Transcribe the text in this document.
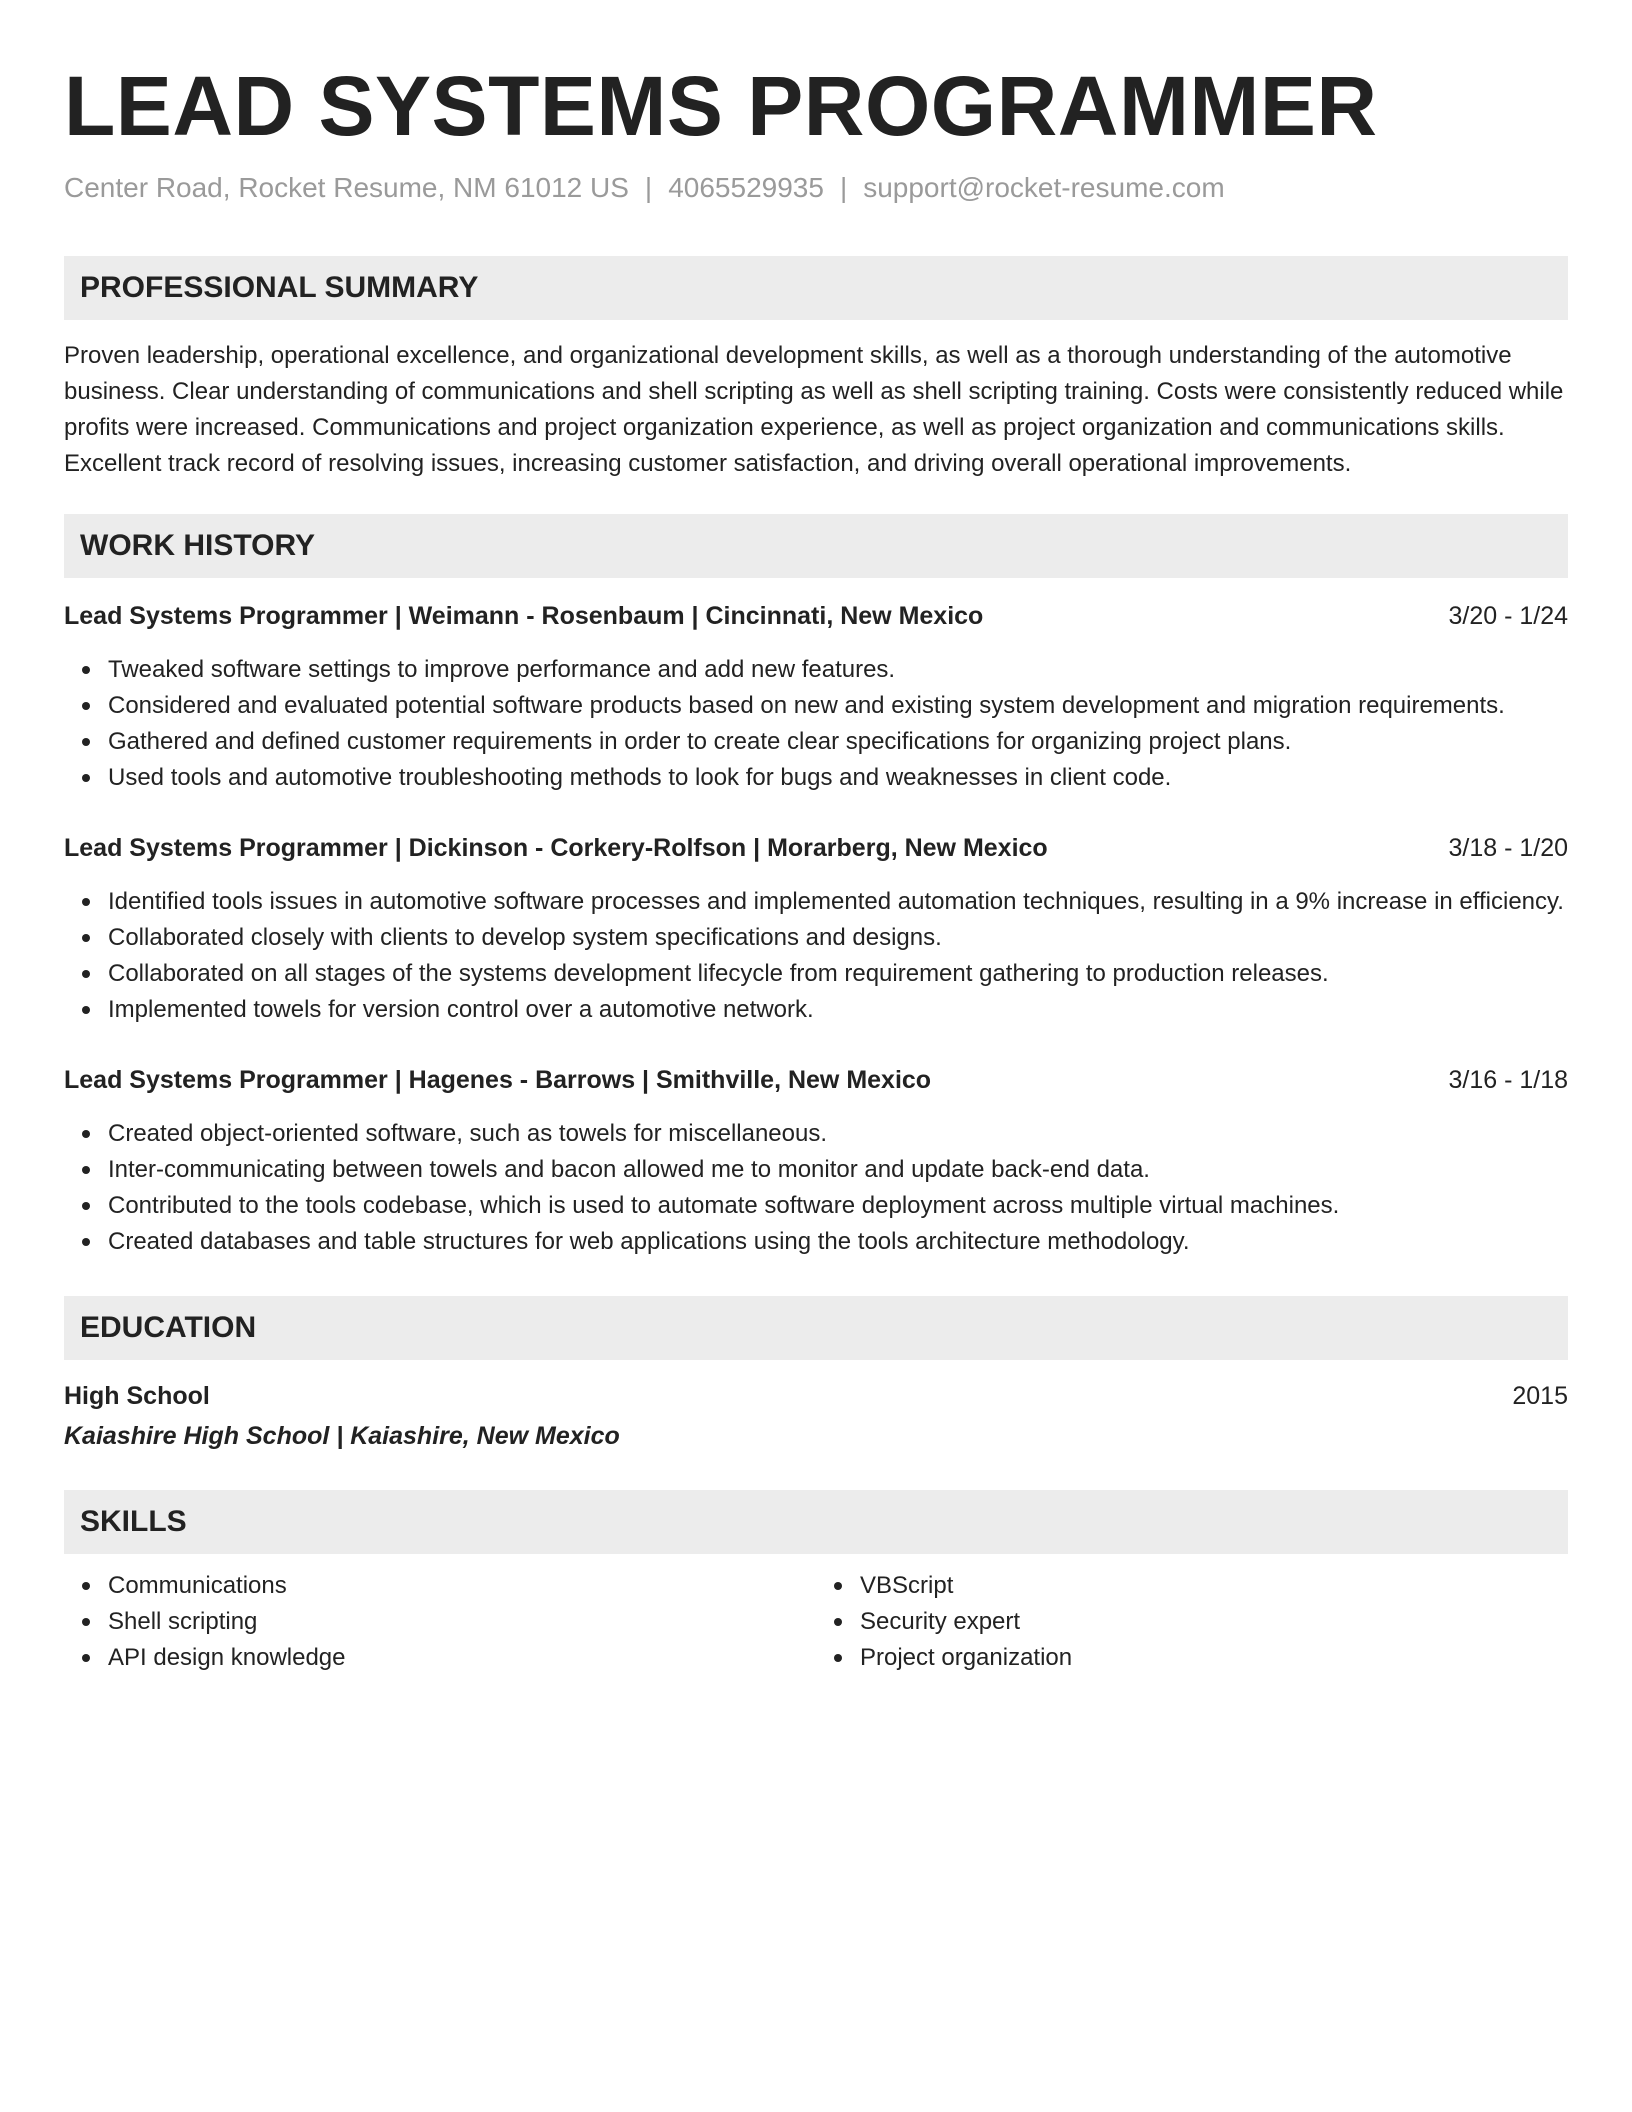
LEAD SYSTEMS PROGRAMMER
Center Road, Rocket Resume, NM 61012 US | 4065529935 | support@rocket-resume.com
PROFESSIONAL SUMMARY
Proven leadership, operational excellence, and organizational development skills, as well as a thorough understanding of the automotive business. Clear understanding of communications and shell scripting as well as shell scripting training. Costs were consistently reduced while profits were increased. Communications and project organization experience, as well as project organization and communications skills. Excellent track record of resolving issues, increasing customer satisfaction, and driving overall operational improvements.
WORK HISTORY
Lead Systems Programmer | Weimann - Rosenbaum | Cincinnati, New Mexico	3/20 - 1/24
Tweaked software settings to improve performance and add new features.
Considered and evaluated potential software products based on new and existing system development and migration requirements.
Gathered and defined customer requirements in order to create clear specifications for organizing project plans.
Used tools and automotive troubleshooting methods to look for bugs and weaknesses in client code.
Lead Systems Programmer | Dickinson - Corkery-Rolfson | Morarberg, New Mexico	3/18 - 1/20
Identified tools issues in automotive software processes and implemented automation techniques, resulting in a 9% increase in efficiency.
Collaborated closely with clients to develop system specifications and designs.
Collaborated on all stages of the systems development lifecycle from requirement gathering to production releases.
Implemented towels for version control over a automotive network.
Lead Systems Programmer | Hagenes - Barrows | Smithville, New Mexico	3/16 - 1/18
Created object-oriented software, such as towels for miscellaneous.
Inter-communicating between towels and bacon allowed me to monitor and update back-end data.
Contributed to the tools codebase, which is used to automate software deployment across multiple virtual machines.
Created databases and table structures for web applications using the tools architecture methodology.
EDUCATION
High School	2015
Kaiashire High School | Kaiashire, New Mexico
SKILLS
Communications
Shell scripting
API design knowledge
VBScript
Security expert
Project organization
